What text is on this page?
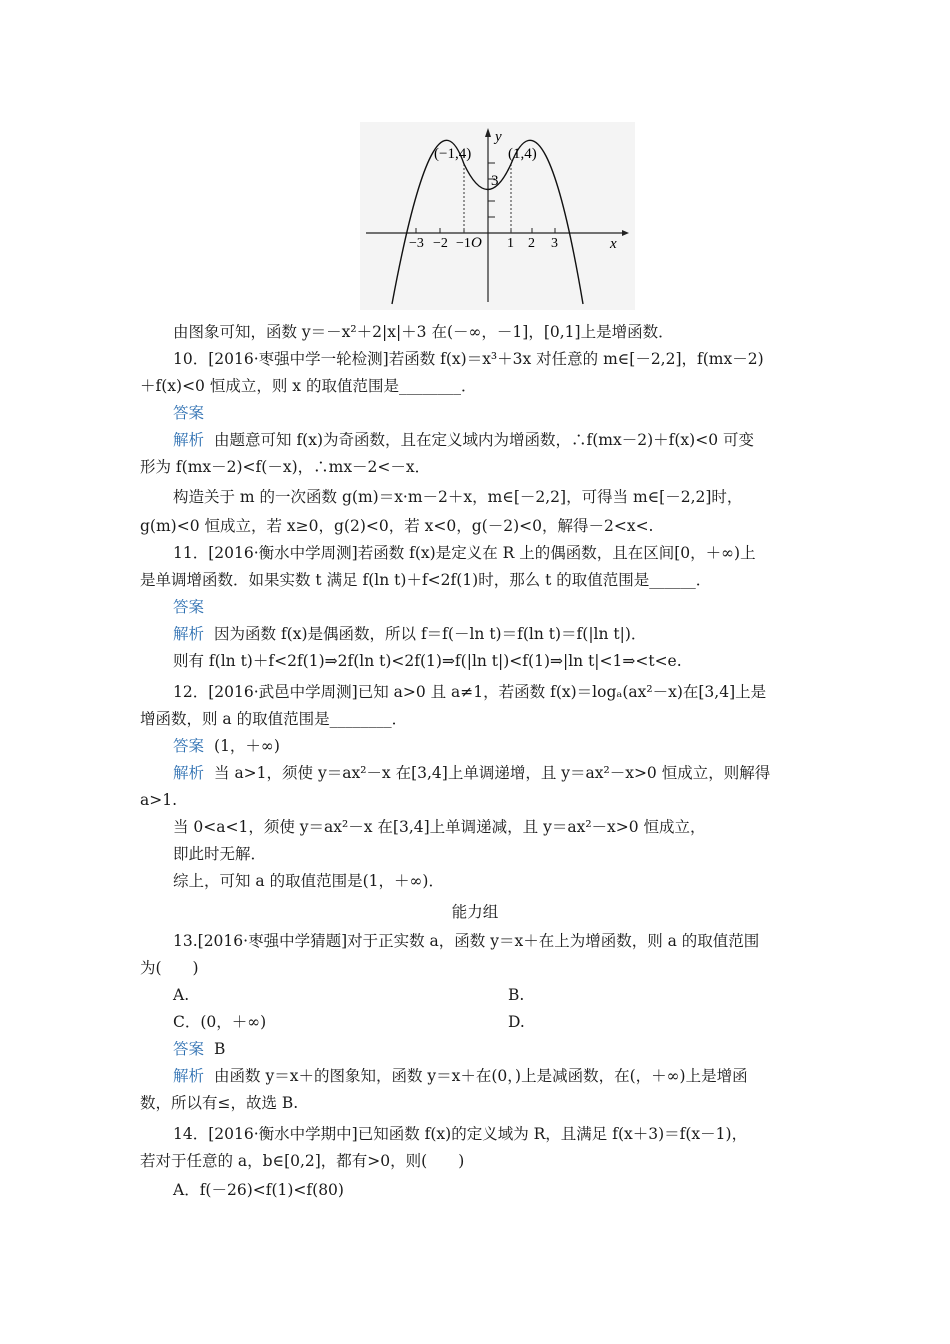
(−1,4) (1,4)
y
x
O
3
−3 −2 −1	1 2 3
由图象可知，函数 y＝－x²＋2|x|＋3 在(－∞，－1]，[0,1]上是增函数．
10．[2016·枣强中学一轮检测]若函数 f(x)＝x³＋3x 对任意的 m∈[－2,2]，f(mx－2)
＋f(x)<0 恒成立，则 x 的取值范围是________．
答案
解析 由题意可知 f(x)为奇函数，且在定义域内为增函数，∴f(mx－2)＋f(x)<0 可变
形为 f(mx－2)<f(－x)，∴mx－2<－x．
构造关于 m 的一次函数 g(m)＝x·m－2＋x，m∈[－2,2]，可得当 m∈[－2,2]时，
g(m)<0 恒成立，若 x≥0，g(2)<0，若 x<0，g(－2)<0，解得－2<x<.
11．[2016·衡水中学周测]若函数 f(x)是定义在 R 上的偶函数，且在区间[0，＋∞)上
是单调增函数．如果实数 t 满足 f(ln t)＋f<2f(1)时，那么 t 的取值范围是______．
答案
解析 因为函数 f(x)是偶函数，所以 f＝f(－ln t)＝f(ln t)＝f(|ln t|)．
则有 f(ln t)＋f<2f(1)⇒2f(ln t)<2f(1)⇒f(|ln t|)<f(1)⇒|ln t|<1⇒<t<e.
12．[2016·武邑中学周测]已知 a>0 且 a≠1，若函数 f(x)＝logₐ(ax²－x)在[3,4]上是
增函数，则 a 的取值范围是________．
答案 (1，＋∞)
解析 当 a>1，须使 y＝ax²－x 在[3,4]上单调递增，且 y＝ax²－x>0 恒成立，则解得
a>1.
当 0<a<1，须使 y＝ax²－x 在[3,4]上单调递减，且 y＝ax²－x>0 恒成立，
即此时无解．
综上，可知 a 的取值范围是(1，＋∞)．
能力组
13.[2016·枣强中学猜题]对于正实数 a，函数 y＝x＋在上为增函数，则 a 的取值范围
为(　　)
A.	B.
C．(0，＋∞)	D.
答案 B
解析 由函数 y＝x＋的图象知，函数 y＝x＋在(0，)上是减函数，在(，＋∞)上是增函
数，所以有≤，故选 B.
14．[2016·衡水中学期中]已知函数 f(x)的定义域为 R，且满足 f(x＋3)＝f(x－1)，
若对于任意的 a，b∈[0,2]，都有>0，则(　　)
A．f(－26)<f(1)<f(80)
